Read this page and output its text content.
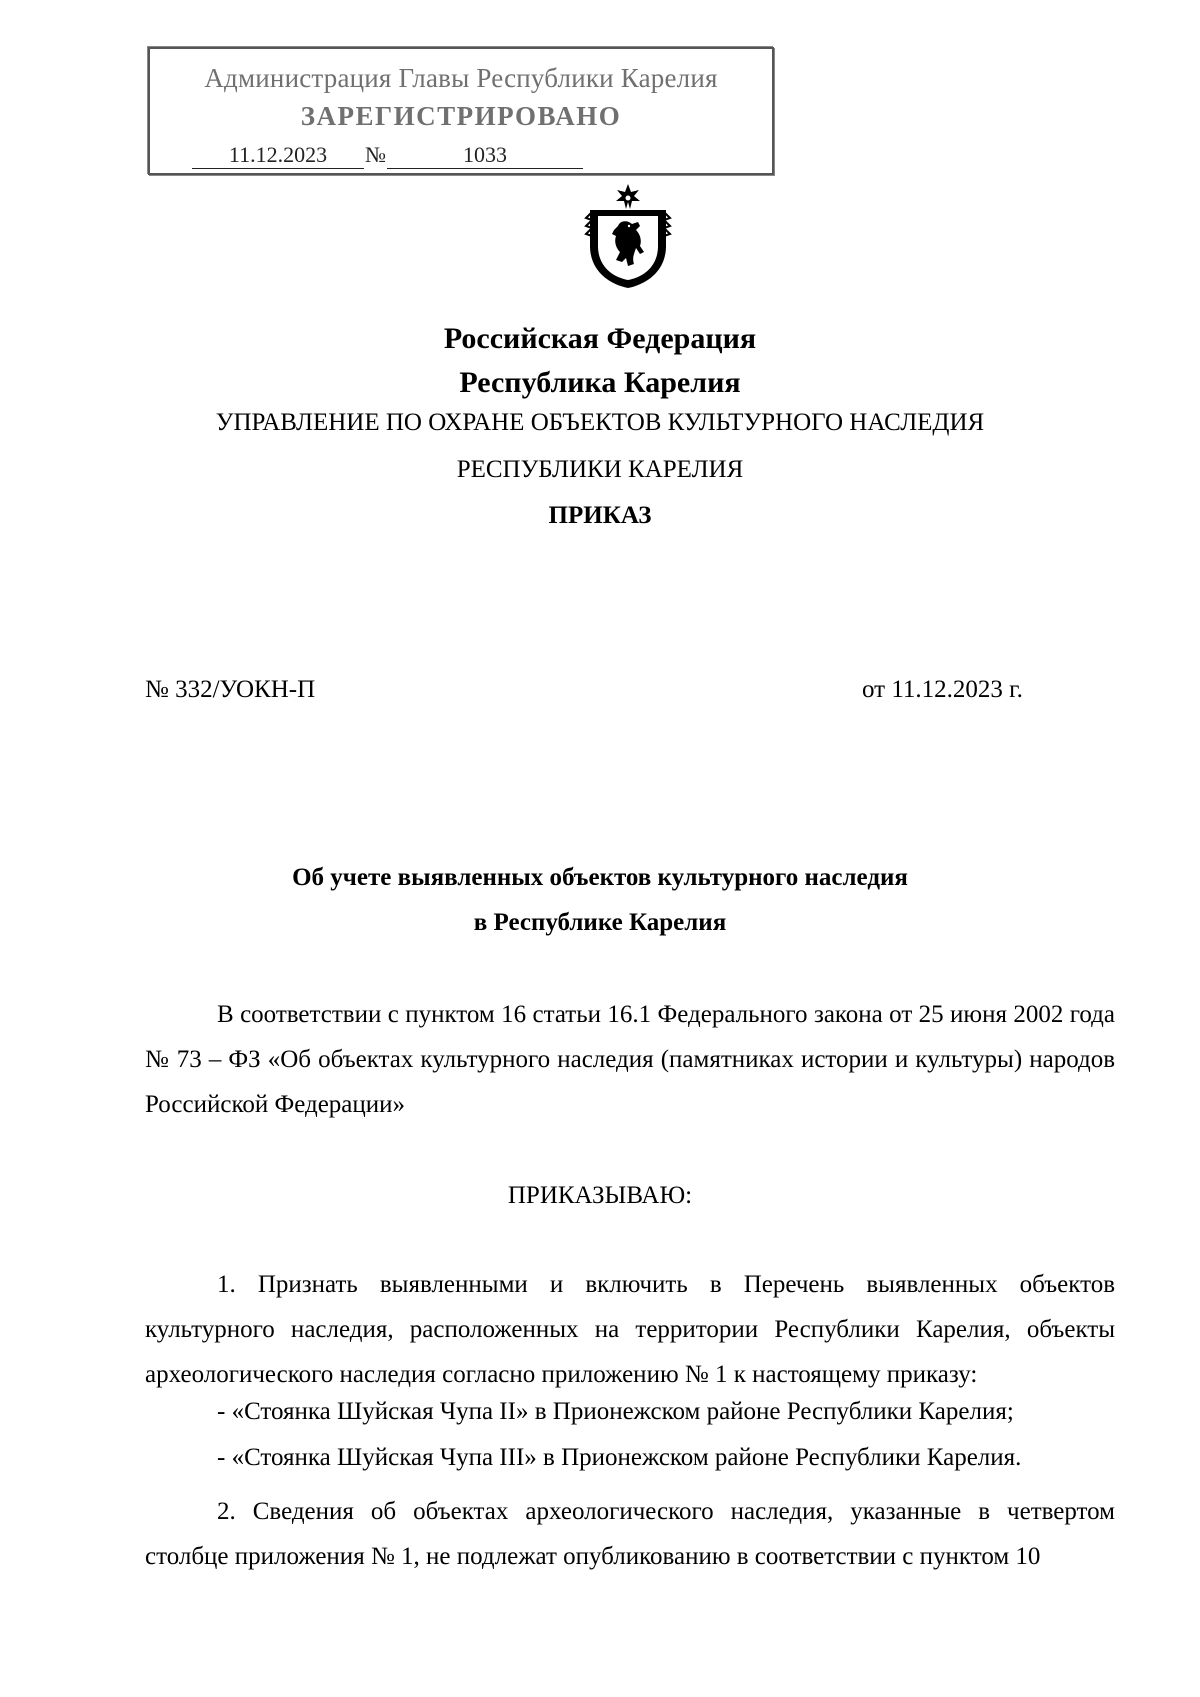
Администрация Главы Республики Карелия
ЗАРЕГИСТРИРОВАНО
11.12.2023 №	1033
Российская Федерация
Республика Карелия
УПРАВЛЕНИЕ ПО ОХРАНЕ ОБЪЕКТОВ КУЛЬТУРНОГО НАСЛЕДИЯ
РЕСПУБЛИКИ КАРЕЛИЯ
ПРИКАЗ
№ 332/УОКН-П	от 11.12.2023 г.
Об учете выявленных объектов культурного наследия
в Республике Карелия

В соответствии с пунктом 16 статьи 16.1 Федерального закона от 25 июня 2002 года № 73 – ФЗ «Об объектах культурного наследия (памятниках истории и культуры) народов Российской Федерации»

ПРИКАЗЫВАЮ:

1. Признать выявленными и включить в Перечень выявленных объектов культурного наследия, расположенных на территории Республики Карелия, объекты археологического наследия согласно приложению № 1 к настоящему приказу:

- «Стоянка Шуйская Чупа II» в Прионежском районе Республики Карелия;
- «Стоянка Шуйская Чупа III» в Прионежском районе Республики Карелия.

2. Сведения об объектах археологического наследия, указанные в четвертом столбце приложения № 1, не подлежат опубликованию в соответствии с пунктом 10
